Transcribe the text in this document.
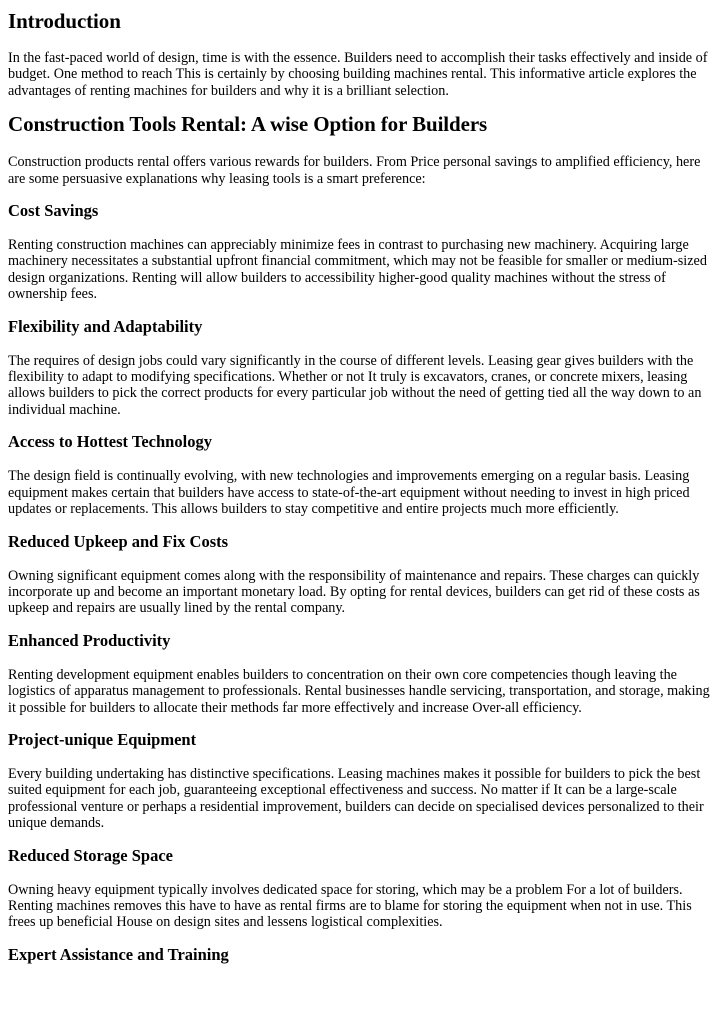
Introduction

In the fast-paced world of design, time is with the essence. Builders need to accomplish their tasks effectively and inside of budget. One method to reach This is certainly by choosing building machines rental. This informative article explores the advantages of renting machines for builders and why it is a brilliant selection.

Construction Tools Rental: A wise Option for Builders

Construction products rental offers various rewards for builders. From Price personal savings to amplified efficiency, here are some persuasive explanations why leasing tools is a smart preference:

Cost Savings

Renting construction machines can appreciably minimize fees in contrast to purchasing new machinery. Acquiring large machinery necessitates a substantial upfront financial commitment, which may not be feasible for smaller or medium-sized design organizations. Renting will allow builders to accessibility higher-good quality machines without the stress of ownership fees.

Flexibility and Adaptability

The requires of design jobs could vary significantly in the course of different levels. Leasing gear gives builders with the flexibility to adapt to modifying specifications. Whether or not It truly is excavators, cranes, or concrete mixers, leasing allows builders to pick the correct products for every particular job without the need of getting tied all the way down to an individual machine.

Access to Hottest Technology

The design field is continually evolving, with new technologies and improvements emerging on a regular basis. Leasing equipment makes certain that builders have access to state-of-the-art equipment without needing to invest in high priced updates or replacements. This allows builders to stay competitive and entire projects much more efficiently.

Reduced Upkeep and Fix Costs

Owning significant equipment comes along with the responsibility of maintenance and repairs. These charges can quickly incorporate up and become an important monetary load. By opting for rental devices, builders can get rid of these costs as upkeep and repairs are usually lined by the rental company.

Enhanced Productivity

Renting development equipment enables builders to concentration on their own core competencies though leaving the logistics of apparatus management to professionals. Rental businesses handle servicing, transportation, and storage, making it possible for builders to allocate their methods far more effectively and increase Over-all efficiency.

Project-unique Equipment

Every building undertaking has distinctive specifications. Leasing machines makes it possible for builders to pick the best suited equipment for each job, guaranteeing exceptional effectiveness and success. No matter if It can be a large-scale professional venture or perhaps a residential improvement, builders can decide on specialised devices personalized to their unique demands.

Reduced Storage Space

Owning heavy equipment typically involves dedicated space for storing, which may be a problem For a lot of builders. Renting machines removes this have to have as rental firms are to blame for storing the equipment when not in use. This frees up beneficial House on design sites and lessens logistical complexities.

Expert Assistance and Training
